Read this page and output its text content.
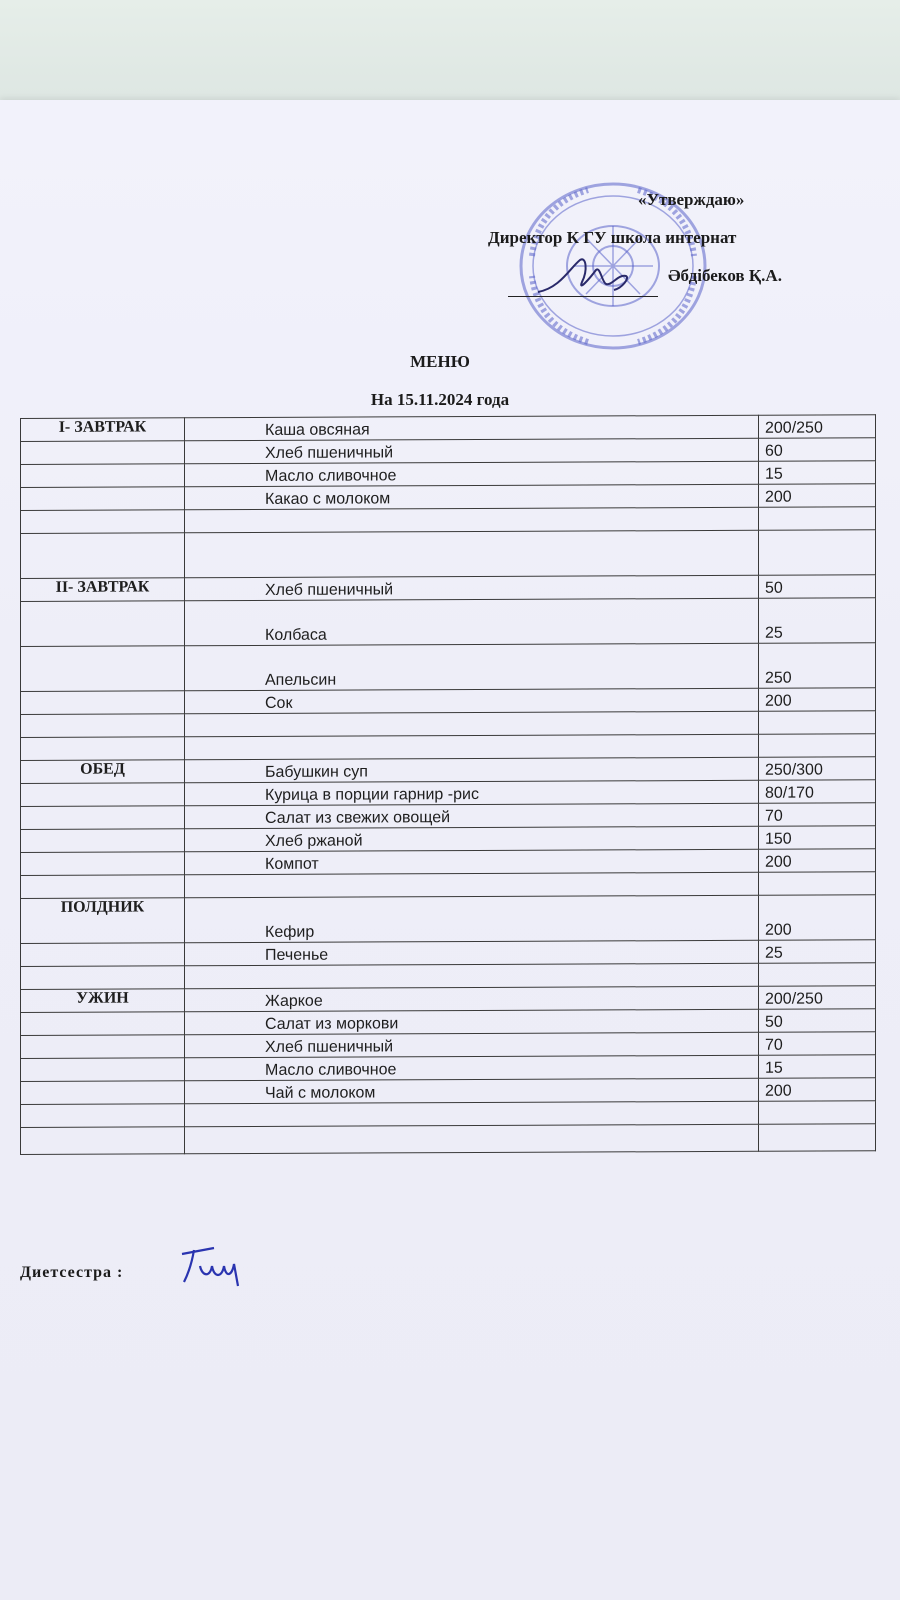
«Утверждаю»
Директор К ГУ школа интернат
Әбдібеков Қ.А.
МЕНЮ
На 15.11.2024 года
I- ЗАВТРАК	Каша овсяная	200/250
	Хлеб пшеничный	60
	Масло сливочное	15
	Какао с молоком	200

II- ЗАВТРАК	Хлеб пшеничный	50
	Колбаса	25
	Апельсин	250
	Сок	200

ОБЕД	Бабушкин суп	250/300
	Курица в порции гарнир -рис	80/170
	Салат из свежих овощей	70
	Хлеб ржаной	150
	Компот	200

ПОЛДНИК	Кефир	200
	Печенье	25

УЖИН	Жаркое	200/250
	Салат из моркови	50
	Хлеб пшеничный	70
	Масло сливочное	15
	Чай с молоком	200

Диетсестра :
